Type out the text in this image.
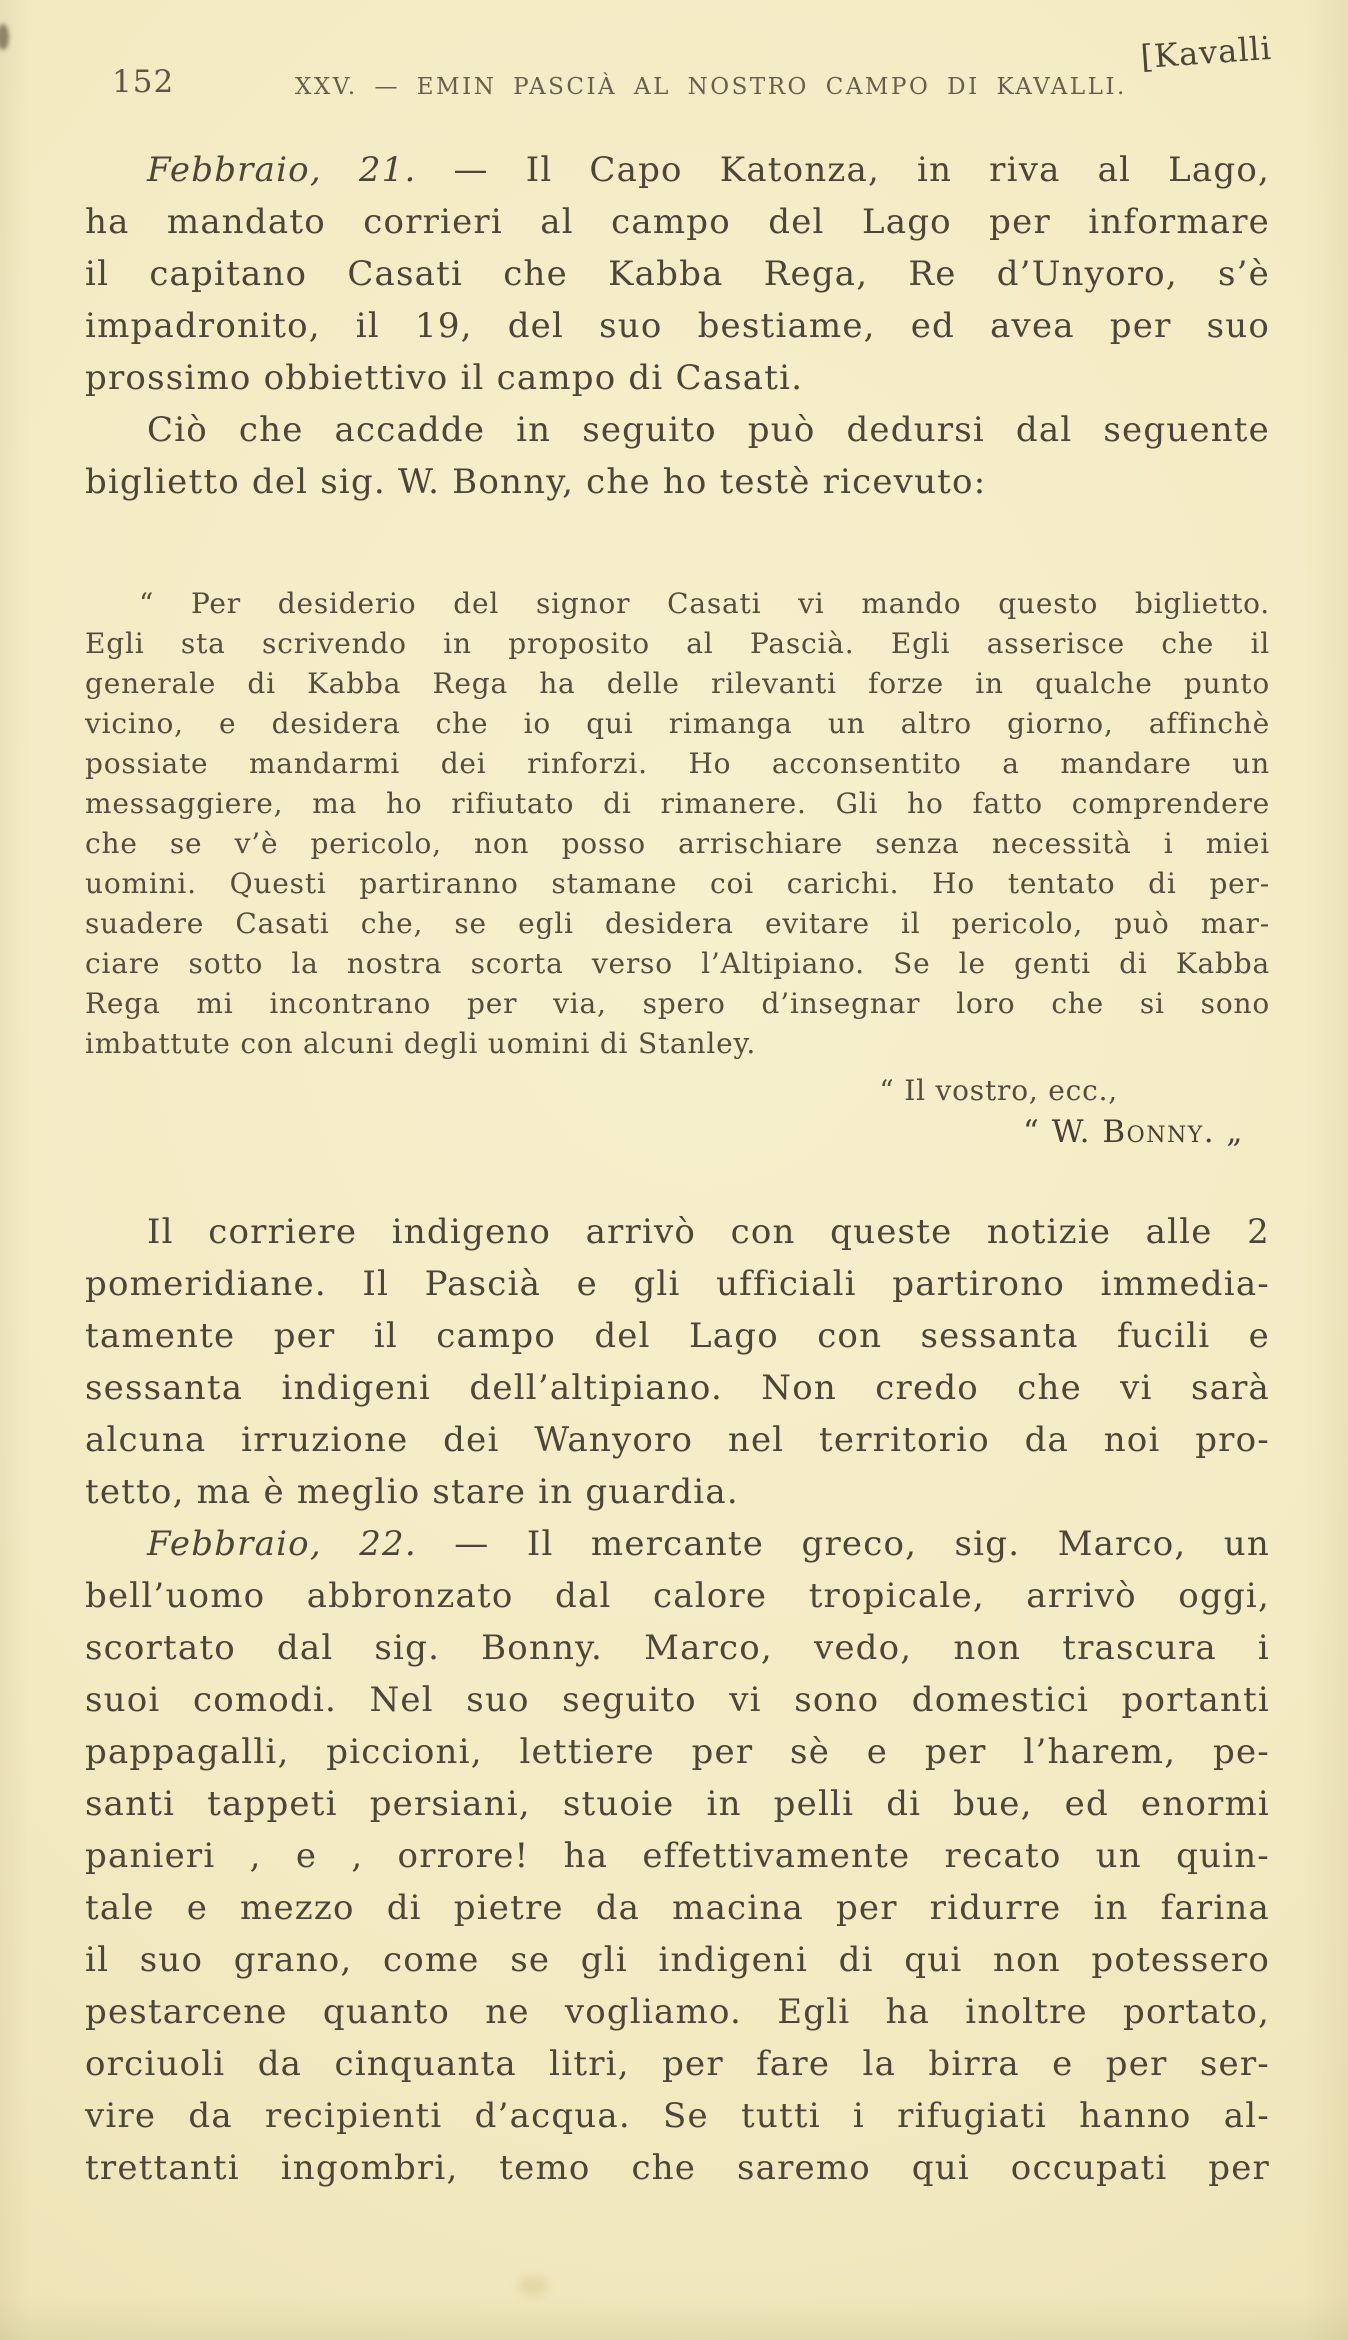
152	XXV. — EMIN PASCIÀ AL NOSTRO CAMPO DI KAVALLI.
[Kavalli

Febbraio, 21. — Il Capo Katonza, in riva al Lago,
ha mandato corrieri al campo del Lago per informare
il capitano Casati che Kabba Rega, Re d’Unyoro, s’è
impadronito, il 19, del suo bestiame, ed avea per suo
prossimo obbiettivo il campo di Casati.

Ciò che accadde in seguito può dedursi dal seguente
biglietto del sig. W. Bonny, che ho testè ricevuto:

“ Per desiderio del signor Casati vi mando questo biglietto.
Egli sta scrivendo in proposito al Pascià. Egli asserisce che il
generale di Kabba Rega ha delle rilevanti forze in qualche punto
vicino, e desidera che io qui rimanga un altro giorno, affinchè
possiate mandarmi dei rinforzi. Ho acconsentito a mandare un
messaggiere, ma ho rifiutato di rimanere. Gli ho fatto comprendere
che se v’è pericolo, non posso arrischiare senza necessità i miei
uomini. Questi partiranno stamane coi carichi. Ho tentato di per-
suadere Casati che, se egli desidera evitare il pericolo, può mar-
ciare sotto la nostra scorta verso l’Altipiano. Se le genti di Kabba
Rega mi incontrano per via, spero d’insegnar loro che si sono
imbattute con alcuni degli uomini di Stanley.
“ Il vostro, ecc.,
“ W. Bonny. „

Il corriere indigeno arrivò con queste notizie alle 2
pomeridiane. Il Pascià e gli ufficiali partirono immedia-
tamente per il campo del Lago con sessanta fucili e
sessanta indigeni dell’altipiano. Non credo che vi sarà
alcuna irruzione dei Wanyoro nel territorio da noi pro-
tetto, ma è meglio stare in guardia.

Febbraio, 22. — Il mercante greco, sig. Marco, un
bell’uomo abbronzato dal calore tropicale, arrivò oggi,
scortato dal sig. Bonny. Marco, vedo, non trascura i
suoi comodi. Nel suo seguito vi sono domestici portanti
pappagalli, piccioni, lettiere per sè e per l’harem, pe-
santi tappeti persiani, stuoie in pelli di bue, ed enormi
panieri , e , orrore! ha effettivamente recato un quin-
tale e mezzo di pietre da macina per ridurre in farina
il suo grano, come se gli indigeni di qui non potessero
pestarcene quanto ne vogliamo. Egli ha inoltre portato,
orciuoli da cinquanta litri, per fare la birra e per ser-
vire da recipienti d’acqua. Se tutti i rifugiati hanno al-
trettanti ingombri, temo che saremo qui occupati per
